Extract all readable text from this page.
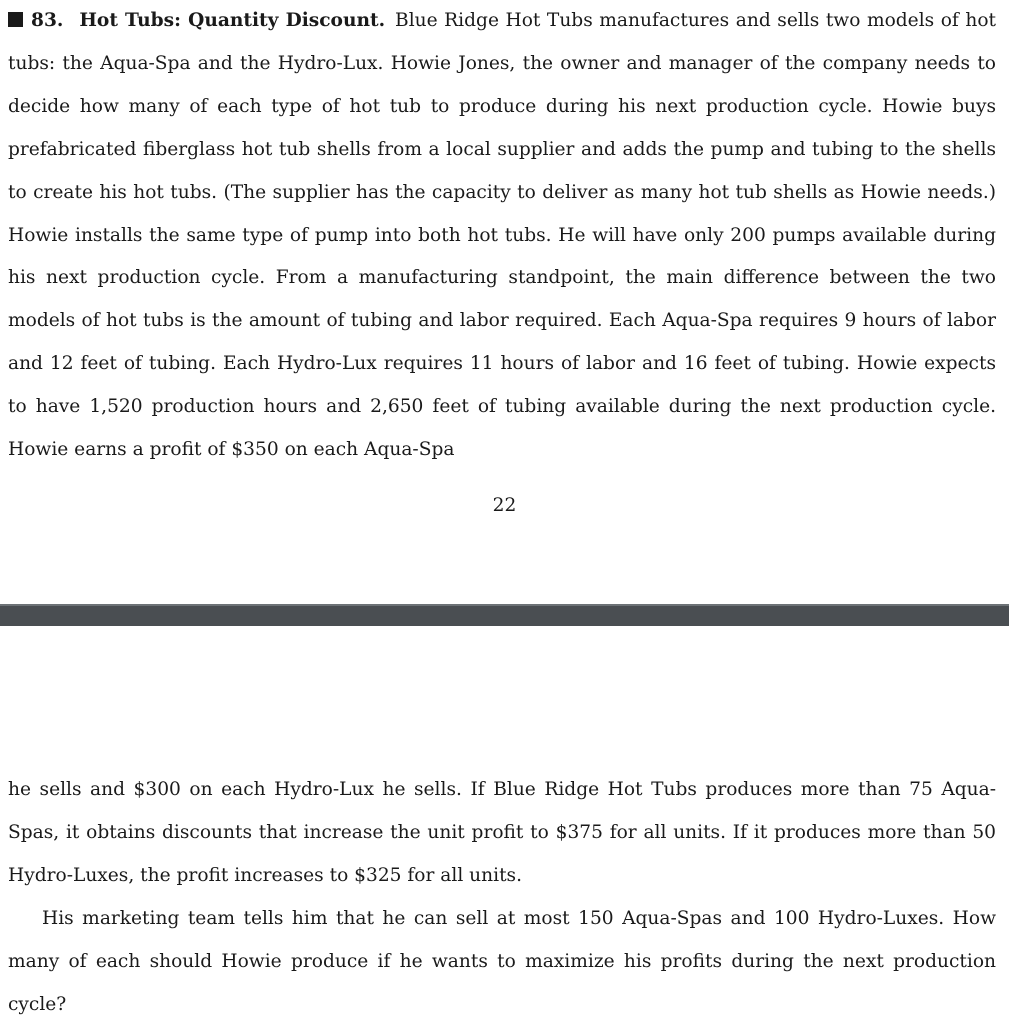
83. Hot Tubs: Quantity Discount. Blue Ridge Hot Tubs manufactures and sells two models of hot tubs: the Aqua-Spa and the Hydro-Lux. Howie Jones, the owner and manager of the company needs to decide how many of each type of hot tub to produce during his next production cycle. Howie buys prefabricated fiberglass hot tub shells from a local supplier and adds the pump and tubing to the shells to create his hot tubs. (The supplier has the capacity to deliver as many hot tub shells as Howie needs.) Howie installs the same type of pump into both hot tubs. He will have only 200 pumps available during his next production cycle. From a manufacturing standpoint, the main difference between the two models of hot tubs is the amount of tubing and labor required. Each Aqua-Spa requires 9 hours of labor and 12 feet of tubing. Each Hydro-Lux requires 11 hours of labor and 16 feet of tubing. Howie expects to have 1,520 production hours and 2,650 feet of tubing available during the next production cycle. Howie earns a profit of $350 on each Aqua-Spa

22

he sells and $300 on each Hydro-Lux he sells. If Blue Ridge Hot Tubs produces more than 75 Aqua-Spas, it obtains discounts that increase the unit profit to $375 for all units. If it produces more than 50 Hydro-Luxes, the profit increases to $325 for all units.

His marketing team tells him that he can sell at most 150 Aqua-Spas and 100 Hydro-Luxes. How many of each should Howie produce if he wants to maximize his profits during the next production cycle?
